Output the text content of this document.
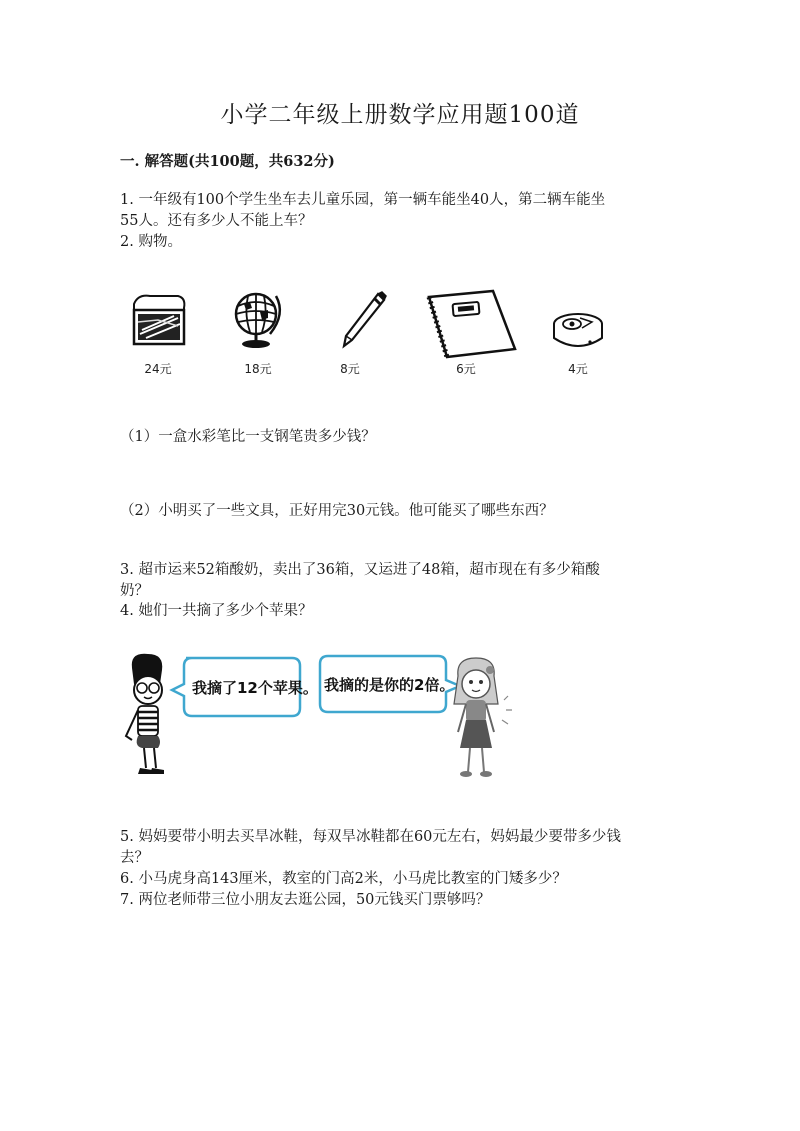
小学二年级上册数学应用题100道
一. 解答题(共100题，共632分)
1. 一年级有100个学生坐车去儿童乐园，第一辆车能坐40人，第二辆车能坐
55人。还有多少人不能上车？
2. 购物。
24元	18元	8元	6元	4元
（1）一盒水彩笔比一支钢笔贵多少钱？
（2）小明买了一些文具，正好用完30元钱。他可能买了哪些东西？
3. 超市运来52箱酸奶，卖出了36箱，又运进了48箱，超市现在有多少箱酸
奶？
4. 她们一共摘了多少个苹果？
我摘了12个苹果。 我摘的是你的2倍。
5. 妈妈要带小明去买旱冰鞋，每双旱冰鞋都在60元左右，妈妈最少要带多少钱
去？
6. 小马虎身高143厘米，教室的门高2米，小马虎比教室的门矮多少？
7. 两位老师带三位小朋友去逛公园，50元钱买门票够吗？
